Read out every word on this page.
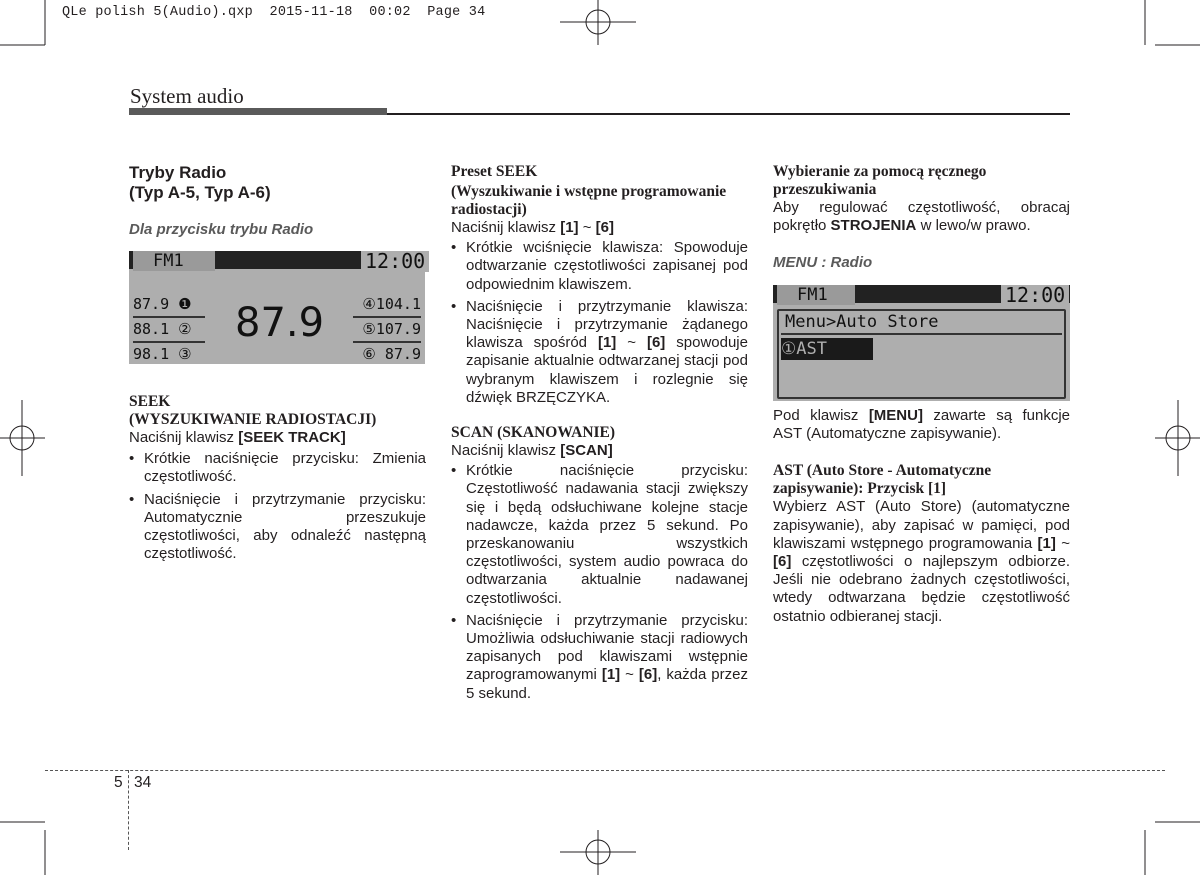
QLe polish 5(Audio).qxp  2015-11-18  00:02  Page 34
System audio
Tryby Radio
(Typ A-5, Typ A-6)
Dla przycisku trybu Radio
FM1	12:00
87.9 ❶
88.1 ②
98.1 ③
87.9	④104.1
⑤107.9
⑥ 87.9
SEEK
(WYSZUKIWANIE RADIOSTACJI)

Naciśnij klawisz [SEEK TRACK]

• Krótkie naciśnięcie przycisku: Zmienia częstotliwość.
• Naciśnięcie i przytrzymanie przycisku: Automatycznie przeszukuje częstotliwości, aby odnaleźć następną częstotliwość.
Preset SEEK
(Wyszukiwanie i wstępne programowanie radiostacji)

Naciśnij klawisz [1] ~ [6]

• Krótkie wciśnięcie klawisza: Spowoduje odtwarzanie częstotliwości zapisanej pod odpowiednim klawiszem.
• Naciśnięcie i przytrzymanie klawisza: Naciśnięcie i przytrzymanie żądanego klawisza spośród [1] ~ [6] spowoduje zapisanie aktualnie odtwarzanej stacji pod wybranym klawiszem i rozlegnie się dźwięk BRZĘCZYKA.
SCAN (SKANOWANIE)

Naciśnij klawisz [SCAN]

• Krótkie naciśnięcie przycisku: Częstotliwość nadawania stacji zwiększy się i będą odsłuchiwane kolejne stacje nadawcze, każda przez 5 sekund. Po przeskanowaniu wszystkich częstotliwości, system audio powraca do odtwarzania aktualnie nadawanej częstotliwości.
• Naciśnięcie i przytrzymanie przycisku: Umożliwia odsłuchiwanie stacji radiowych zapisanych pod klawiszami wstępnie zaprogramowanymi [1] ~ [6], każda przez 5 sekund.
Wybieranie za pomocą ręcznego przeszukiwania

Aby regulować częstotliwość, obracaj pokrętło STROJENIA w lewo/w prawo.

MENU : Radio
FM1	12:00
Menu>Auto Store
①AST

Pod klawisz [MENU] zawarte są funkcje AST (Automatyczne zapisywanie).

AST (Auto Store - Automatyczne zapisywanie): Przycisk [1]

Wybierz AST (Auto Store) (automatyczne zapisywanie), aby zapisać w pamięci, pod klawiszami wstępnego programowania [1] ~ [6] częstotliwości o najlepszym odbiorze. Jeśli nie odebrano żadnych częstotliwości, wtedy odtwarzana będzie częstotliwość ostatnio odbieranej stacji.

5 34
